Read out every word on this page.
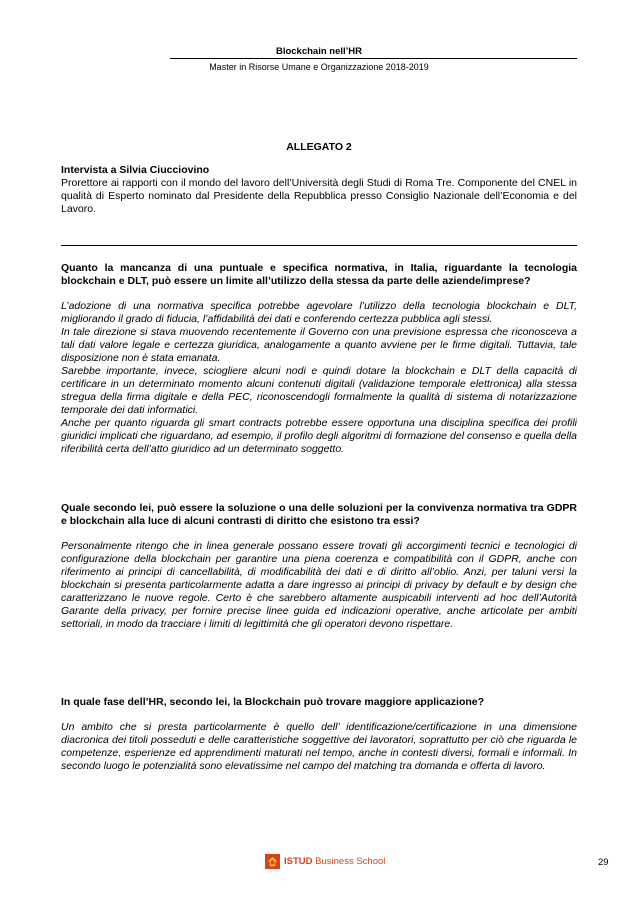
Blockchain nell’HR
Master in Risorse Umane e Organizzazione 2018-2019
ALLEGATO 2
Intervista a Silvia Ciucciovino
Prorettore ai rapporti con il mondo del lavoro dell’Università degli Studi di Roma Tre. Componente del CNEL in qualità di Esperto nominato dal Presidente della Repubblica presso Consiglio Nazionale dell’Economia e del Lavoro.
Quanto la mancanza di una puntuale e specifica normativa, in Italia, riguardante la tecnologia blockchain e DLT, può essere un limite all’utilizzo della stessa da parte delle aziende/imprese?
L’adozione di una normativa specifica potrebbe agevolare l’utilizzo della tecnologia blockchain e DLT, migliorando il grado di fiducia, l’affidabilità dei dati e conferendo certezza pubblica agli stessi.
In tale direzione si stava muovendo recentemente il Governo con una previsione espressa che riconosceva a tali dati valore legale e certezza giuridica, analogamente a quanto avviene per le firme digitali. Tuttavia, tale disposizione non è stata emanata.
Sarebbe importante, invece, sciogliere alcuni nodi e quindi dotare la blockchain e DLT della capacità di certificare in un determinato momento alcuni contenuti digitali (validazione temporale elettronica) alla stessa stregua della firma digitale e della PEC, riconoscendogli formalmente la qualità di sistema di notarizzazione temporale dei dati informatici.
Anche per quanto riguarda gli smart contracts potrebbe essere opportuna una disciplina specifica dei profili giuridici implicati che riguardano, ad esempio, il profilo degli algoritmi di formazione del consenso e quella della riferibilità certa dell’atto giuridico ad un determinato soggetto.
Quale secondo lei, può essere la soluzione o una delle soluzioni per la convivenza normativa tra GDPR e blockchain alla luce di alcuni contrasti di diritto che esistono tra essi?
Personalmente ritengo che in linea generale possano essere trovati gli accorgimenti tecnici e tecnologici di configurazione della blockchain per garantire una piena coerenza e compatibilità con il GDPR, anche con riferimento ai principi di cancellabilità, di modificabilità dei dati e di diritto all’oblio. Anzi, per taluni versi la blockchain si presenta particolarmente adatta a dare ingresso ai principi di privacy by default e by design che caratterizzano le nuove regole. Certo è che sarebbero altamente auspicabili interventi ad hoc dell’Autorità Garante della privacy, per fornire precise linee guida ed indicazioni operative, anche articolate per ambiti settoriali, in modo da tracciare i limiti di legittimità che gli operatori devono rispettare.
In quale fase dell’HR, secondo lei, la Blockchain può trovare maggiore applicazione?
Un ambito che si presta particolarmente è quello dell’ identificazione/certificazione in una dimensione diacronica dei titoli posseduti e delle caratteristiche soggettive dei lavoratori, soprattutto per ciò che riguarda le competenze, esperienze ed apprendimenti maturati nel tempo, anche in contesti diversi, formali e informali. In secondo luogo le potenzialità sono elevatissime nel campo del matching tra domanda e offerta di lavoro.
ISTUD Business School	29
